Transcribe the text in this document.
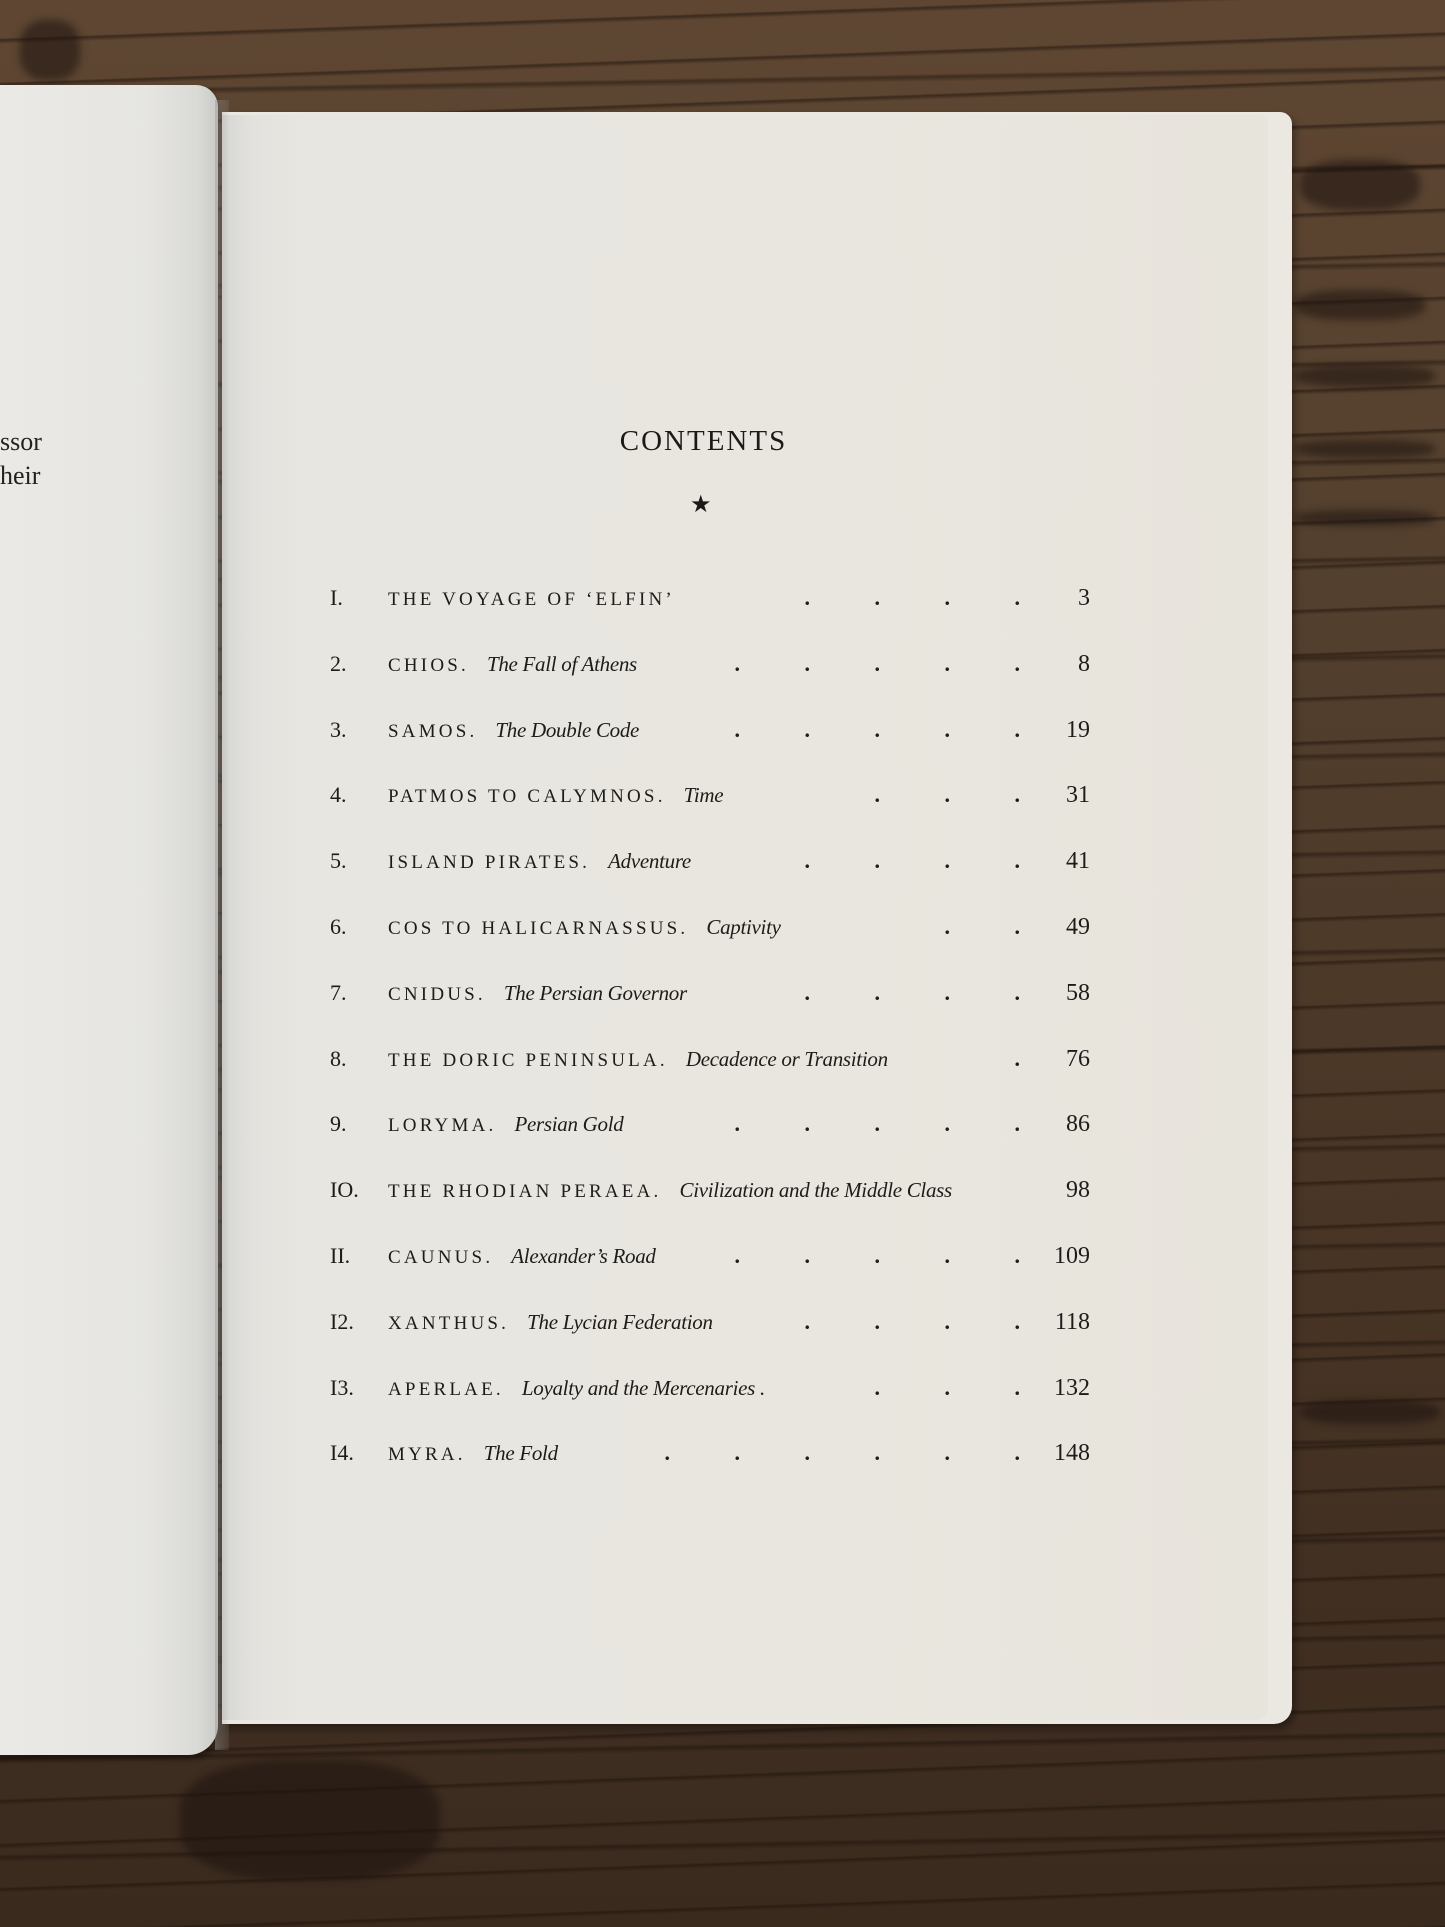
ssor
heir
CONTENTS
★
I.	THE VOYAGE OF ‘ELFIN’	.	.	.	.	3
2.	CHIOS. The Fall of Athens	.	.	.	.	.	8
3.	SAMOS. The Double Code	.	.	.	.	.	19
4.	PATMOS TO CALYMNOS. Time	.	.	.	31
5.	ISLAND PIRATES. Adventure	.	.	.	.	41
6.	COS TO HALICARNASSUS. Captivity	.	.	49
7.	CNIDUS. The Persian Governor	.	.	.	.	58
8.	THE DORIC PENINSULA. Decadence or Transition	.	76
9.	LORYMA. Persian Gold	.	.	.	.	.	86
IO.	THE RHODIAN PERAEA. Civilization and the Middle Class	98
II.	CAUNUS. Alexander’s Road	.	.	.	.	.	109
I2.	XANTHUS. The Lycian Federation	.	.	.	.	118
I3.	APERLAE. Loyalty and the Mercenaries .	.	.	.	132
I4.	MYRA. The Fold	.	.	.	.	.	.	148
